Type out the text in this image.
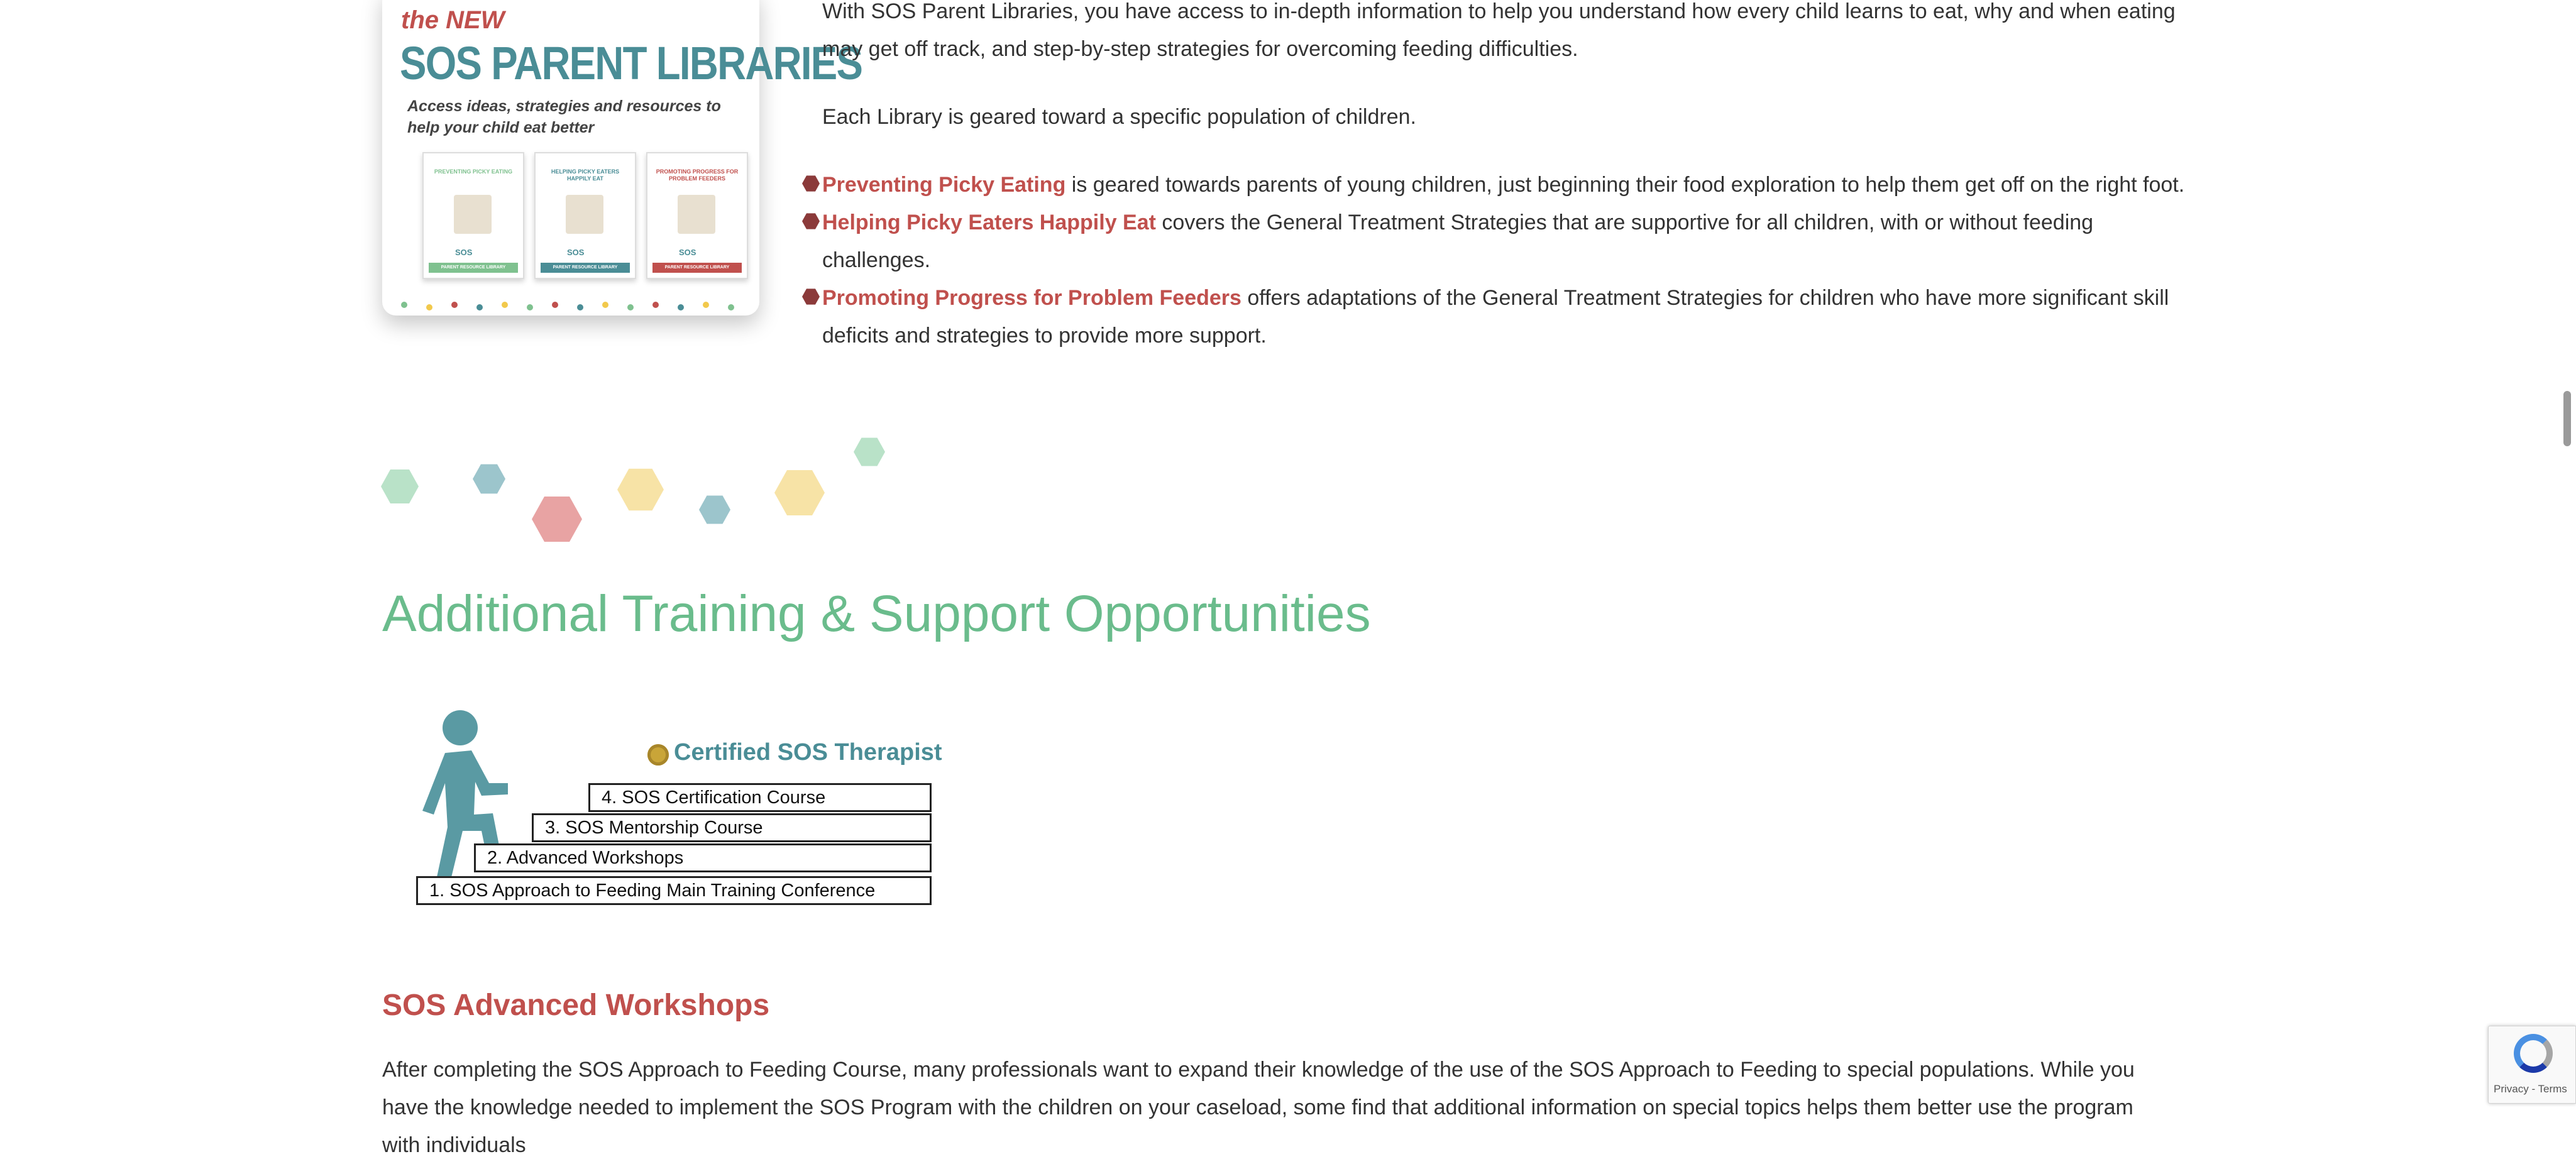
the NEW
SOS PARENT LIBRARIES
Access ideas, strategies and resources to help your child eat better
PREVENTING PICKY EATING
SOS
PARENT RESOURCE LIBRARY
HELPING PICKY EATERS HAPPILY EAT
SOS
PARENT RESOURCE LIBRARY
PROMOTING PROGRESS FOR PROBLEM FEEDERS
SOS
PARENT RESOURCE LIBRARY

With SOS Parent Libraries, you have access to in-depth information to help you understand how every child learns to eat, why and when eating may get off track, and step-by-step strategies for overcoming feeding difficulties.

Each Library is geared toward a specific population of children.

Preventing Picky Eating is geared towards parents of young children, just beginning their food exploration to help them get off on the right foot.

Helping Picky Eaters Happily Eat covers the General Treatment Strategies that are supportive for all children, with or without feeding challenges.

Promoting Progress for Problem Feeders offers adaptations of the General Treatment Strategies for children who have more significant skill deficits and strategies to provide more support.

Additional Training & Support Opportunities
Certified SOS Therapist
4. SOS Certification Course
3. SOS Mentorship Course
2. Advanced Workshops
1. SOS Approach to Feeding Main Training Conference
SOS Advanced Workshops

After completing the SOS Approach to Feeding Course, many professionals want to expand their knowledge of the use of the SOS Approach to Feeding to special populations. While you have the knowledge needed to implement the SOS Program with the children on your caseload, some find that additional information on special topics helps them better use the program with individuals

Privacy - Terms
